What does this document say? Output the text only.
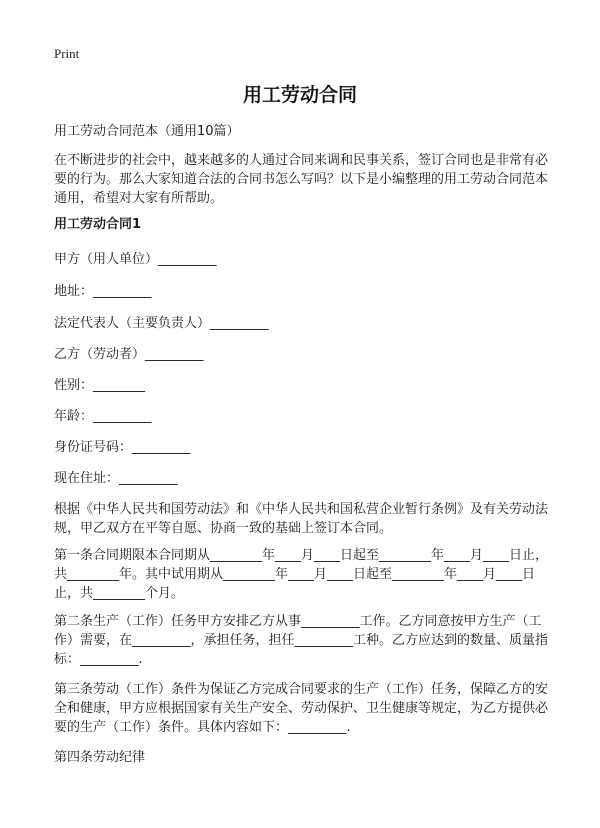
Print
用工劳动合同
用工劳动合同范本（通用10篇）
在不断进步的社会中，越来越多的人通过合同来调和民事关系，签订合同也是非常有必要的行为。那么大家知道合法的合同书怎么写吗？以下是小编整理的用工劳动合同范本通用，希望对大家有所帮助。
用工劳动合同1
甲方（用人单位）_________
地址：_________
法定代表人（主要负责人）_________
乙方（劳动者）_________
性别：________
年龄：_________
身份证号码：_________
现在住址：_________
根据《中华人民共和国劳动法》和《中华人民共和国私营企业暂行条例》及有关劳动法规，甲乙双方在平等自愿、协商一致的基础上签订本合同。
第一条合同期限本合同期从________年____月____日起至________年____月____日止，共________年。其中试用期从________年____月____日起至________年____月____日止，共________个月。
第二条生产（工作）任务甲方安排乙方从事_________工作。乙方同意按甲方生产（工作）需要，在_________，承担任务，担任_________工种。乙方应达到的数量、质量指标：_________.
第三条劳动（工作）条件为保证乙方完成合同要求的生产（工作）任务，保障乙方的安全和健康，甲方应根据国家有关生产安全、劳动保护、卫生健康等规定，为乙方提供必要的生产（工作）条件。具体内容如下：_________.
第四条劳动纪律
